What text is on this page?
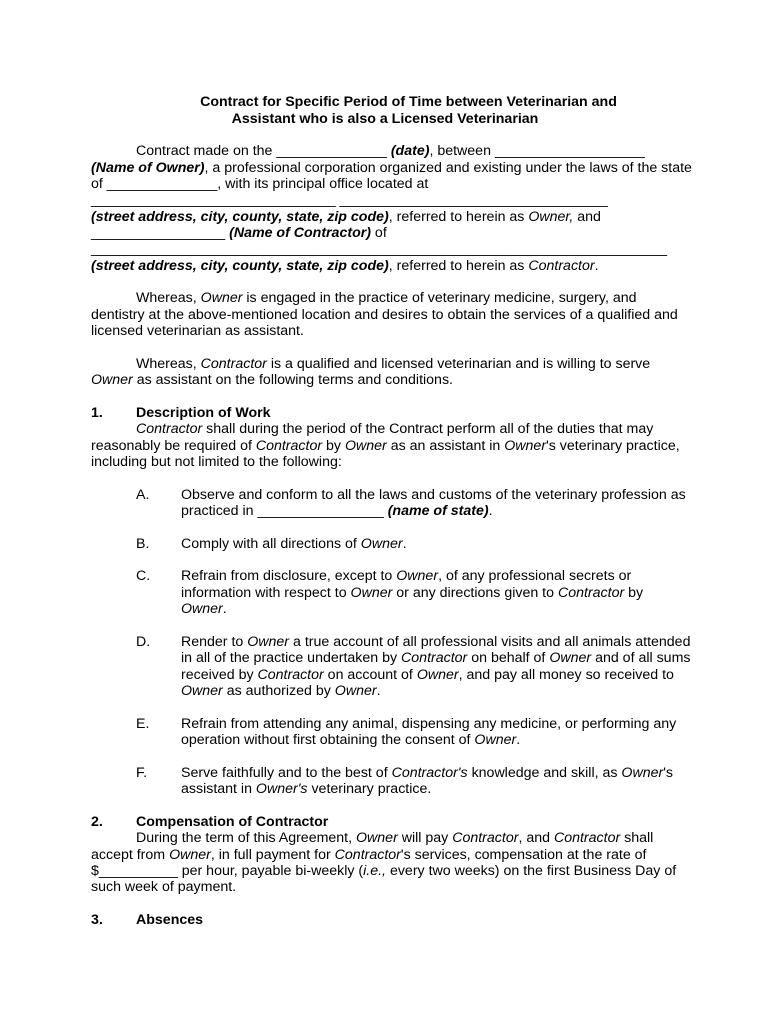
Contract for Specific Period of Time between Veterinarian and
Assistant who is also a Licensed Veterinarian
Contract made on the ______________ (date), between ___________________
(Name of Owner), a professional corporation organized and existing under the laws of the state
of ______________, with its principal office located at
_______________________________ __________________________________
(street address, city, county, state, zip code), referred to herein as Owner, and
_________________ (Name of Contractor) of
_________________________________________________________________________
(street address, city, county, state, zip code), referred to herein as Contractor.
Whereas, Owner is engaged in the practice of veterinary medicine, surgery, and
dentistry at the above-mentioned location and desires to obtain the services of a qualified and
licensed veterinarian as assistant.
Whereas, Contractor is a qualified and licensed veterinarian and is willing to serve
Owner as assistant on the following terms and conditions.
1. Description of Work
Contractor shall during the period of the Contract perform all of the duties that may
reasonably be required of Contractor by Owner as an assistant in Owner's veterinary practice,
including but not limited to the following:
A. Observe and conform to all the laws and customs of the veterinary profession as
practiced in ________________ (name of state).
B. Comply with all directions of Owner.
C. Refrain from disclosure, except to Owner, of any professional secrets or
information with respect to Owner or any directions given to Contractor by
Owner.
D. Render to Owner a true account of all professional visits and all animals attended
in all of the practice undertaken by Contractor on behalf of Owner and of all sums
received by Contractor on account of Owner, and pay all money so received to
Owner as authorized by Owner.
E. Refrain from attending any animal, dispensing any medicine, or performing any
operation without first obtaining the consent of Owner.
F. Serve faithfully and to the best of Contractor's knowledge and skill, as Owner's
assistant in Owner's veterinary practice.
2. Compensation of Contractor
During the term of this Agreement, Owner will pay Contractor, and Contractor shall
accept from Owner, in full payment for Contractor's services, compensation at the rate of
$__________ per hour, payable bi-weekly (i.e., every two weeks) on the first Business Day of
such week of payment.
3. Absences
